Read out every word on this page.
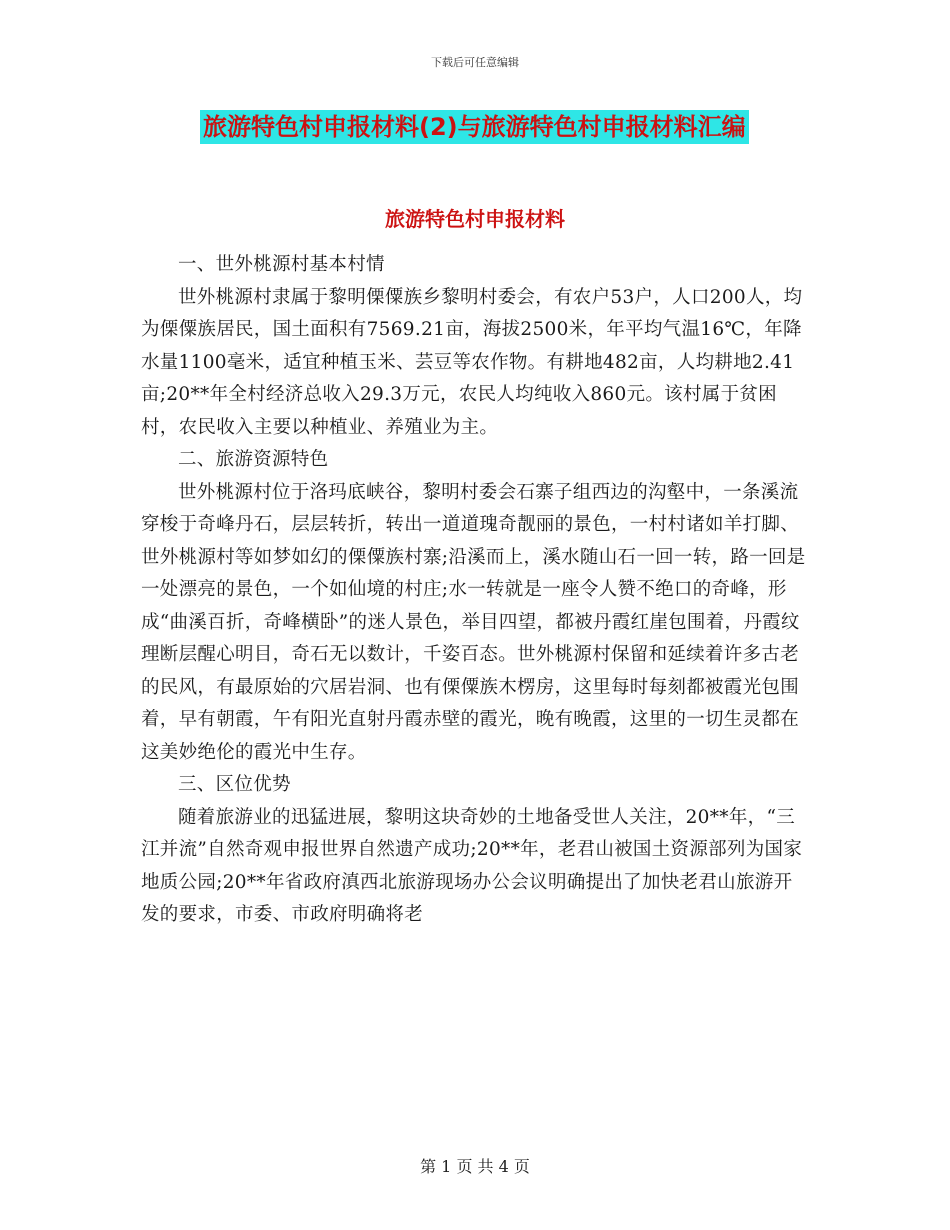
下载后可任意编辑
旅游特色村申报材料(2)与旅游特色村申报材料汇编
旅游特色村申报材料

一、世外桃源村基本村情

世外桃源村隶属于黎明傈僳族乡黎明村委会，有农户53户，人口200人，均为傈僳族居民，国土面积有7569.21亩，海拔2500米，年平均气温16℃，年降水量1100毫米，适宜种植玉米、芸豆等农作物。有耕地482亩，人均耕地2.41亩;20**年全村经济总收入29.3万元，农民人均纯收入860元。该村属于贫困村，农民收入主要以种植业、养殖业为主。

二、旅游资源特色

世外桃源村位于洛玛底峡谷，黎明村委会石寨子组西边的沟壑中，一条溪流穿梭于奇峰丹石，层层转折，转出一道道瑰奇靓丽的景色，一村村诸如羊打脚、世外桃源村等如梦如幻的傈僳族村寨;沿溪而上，溪水随山石一回一转，路一回是一处漂亮的景色，一个如仙境的村庄;水一转就是一座令人赞不绝口的奇峰，形成“曲溪百折，奇峰横卧”的迷人景色，举目四望，都被丹霞红崖包围着，丹霞纹理断层醒心明目，奇石无以数计，千姿百态。世外桃源村保留和延续着许多古老的民风，有最原始的穴居岩洞、也有傈僳族木楞房，这里每时每刻都被霞光包围着，早有朝霞，午有阳光直射丹霞赤壁的霞光，晚有晚霞，这里的一切生灵都在这美妙绝伦的霞光中生存。

三、区位优势

随着旅游业的迅猛进展，黎明这块奇妙的土地备受世人关注，20**年，“三江并流”自然奇观申报世界自然遗产成功;20**年，老君山被国土资源部列为国家地质公园;20**年省政府滇西北旅游现场办公会议明确提出了加快老君山旅游开发的要求，市委、市政府明确将老

第 1 页 共 4 页
